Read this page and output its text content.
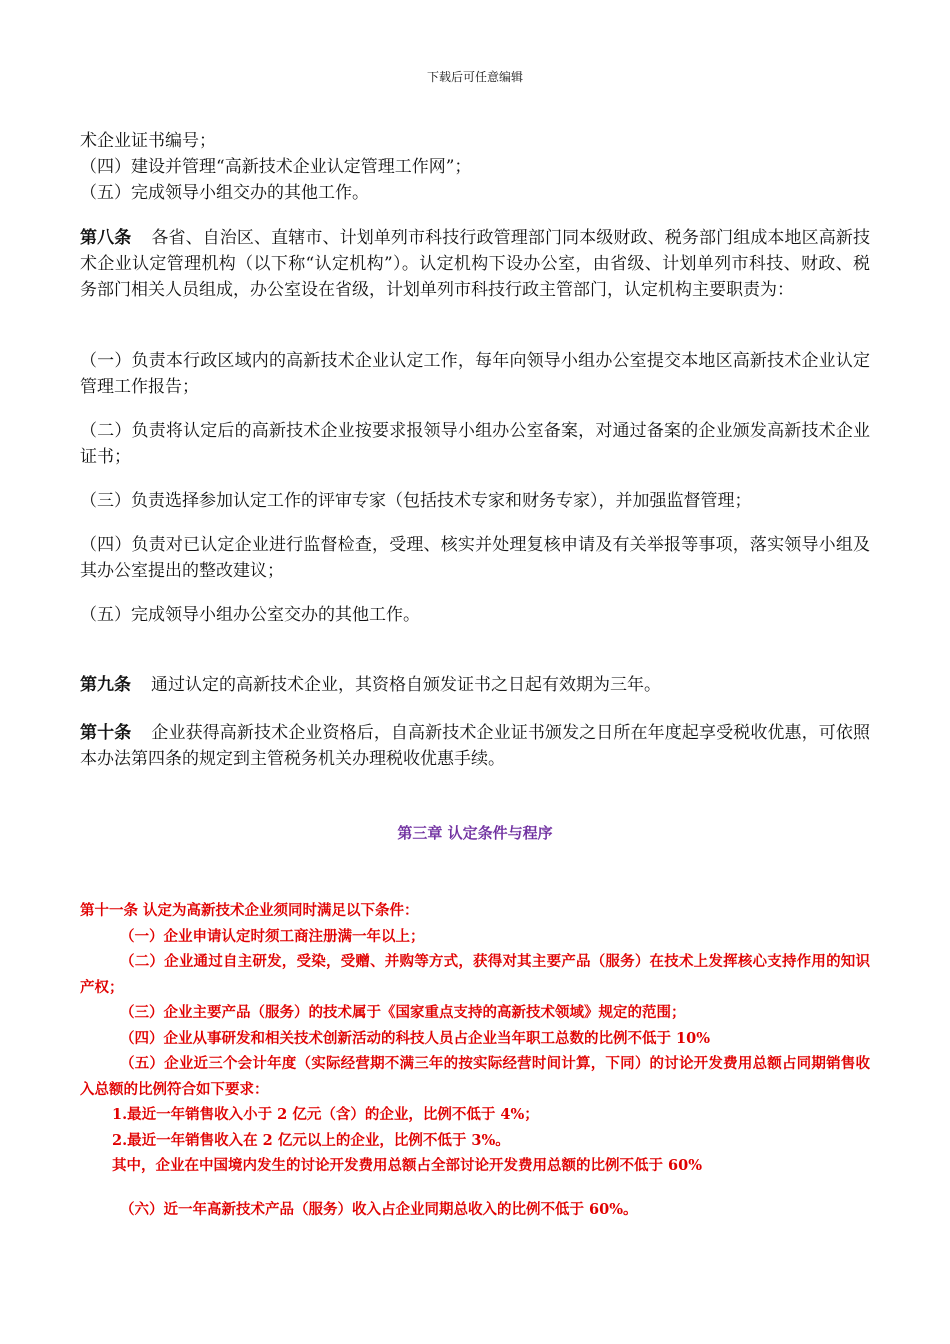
下载后可任意编辑

术企业证书编号；

（四）建设并管理“高新技术企业认定管理工作网”；

（五）完成领导小组交办的其他工作。

第八条 各省、自治区、直辖市、计划单列市科技行政管理部门同本级财政、税务部门组成本地区高新技术企业认定管理机构（以下称“认定机构”）。认定机构下设办公室，由省级、计划单列市科技、财政、税务部门相关人员组成，办公室设在省级，计划单列市科技行政主管部门，认定机构主要职责为：

（一）负责本行政区域内的高新技术企业认定工作，每年向领导小组办公室提交本地区高新技术企业认定管理工作报告；

（二）负责将认定后的高新技术企业按要求报领导小组办公室备案，对通过备案的企业颁发高新技术企业证书；

（三）负责选择参加认定工作的评审专家（包括技术专家和财务专家），并加强监督管理；

（四）负责对已认定企业进行监督检查，受理、核实并处理复核申请及有关举报等事项，落实领导小组及其办公室提出的整改建议；

（五）完成领导小组办公室交办的其他工作。

第九条 通过认定的高新技术企业，其资格自颁发证书之日起有效期为三年。

第十条 企业获得高新技术企业资格后，自高新技术企业证书颁发之日所在年度起享受税收优惠，可依照本办法第四条的规定到主管税务机关办理税收优惠手续。

第三章 认定条件与程序

第十一条 认定为高新技术企业须同时满足以下条件：

（一）企业申请认定时须工商注册满一年以上；

（二）企业通过自主研发，受染，受赠、并购等方式，获得对其主要产品（服务）在技术上发挥核心支持作用的知识产权；

（三）企业主要产品（服务）的技术属于《国家重点支持的高新技术领域》规定的范围；

（四）企业从事研发和相关技术创新活动的科技人员占企业当年职工总数的比例不低于 10%

（五）企业近三个会计年度（实际经营期不满三年的按实际经营时间计算，下同）的讨论开发费用总额占同期销售收入总额的比例符合如下要求：

1.最近一年销售收入小于 2 亿元（含）的企业，比例不低于 4%；

2.最近一年销售收入在 2 亿元以上的企业，比例不低于 3%。

其中，企业在中国境内发生的讨论开发费用总额占全部讨论开发费用总额的比例不低于 60%

（六）近一年高新技术产品（服务）收入占企业同期总收入的比例不低于 60%。
